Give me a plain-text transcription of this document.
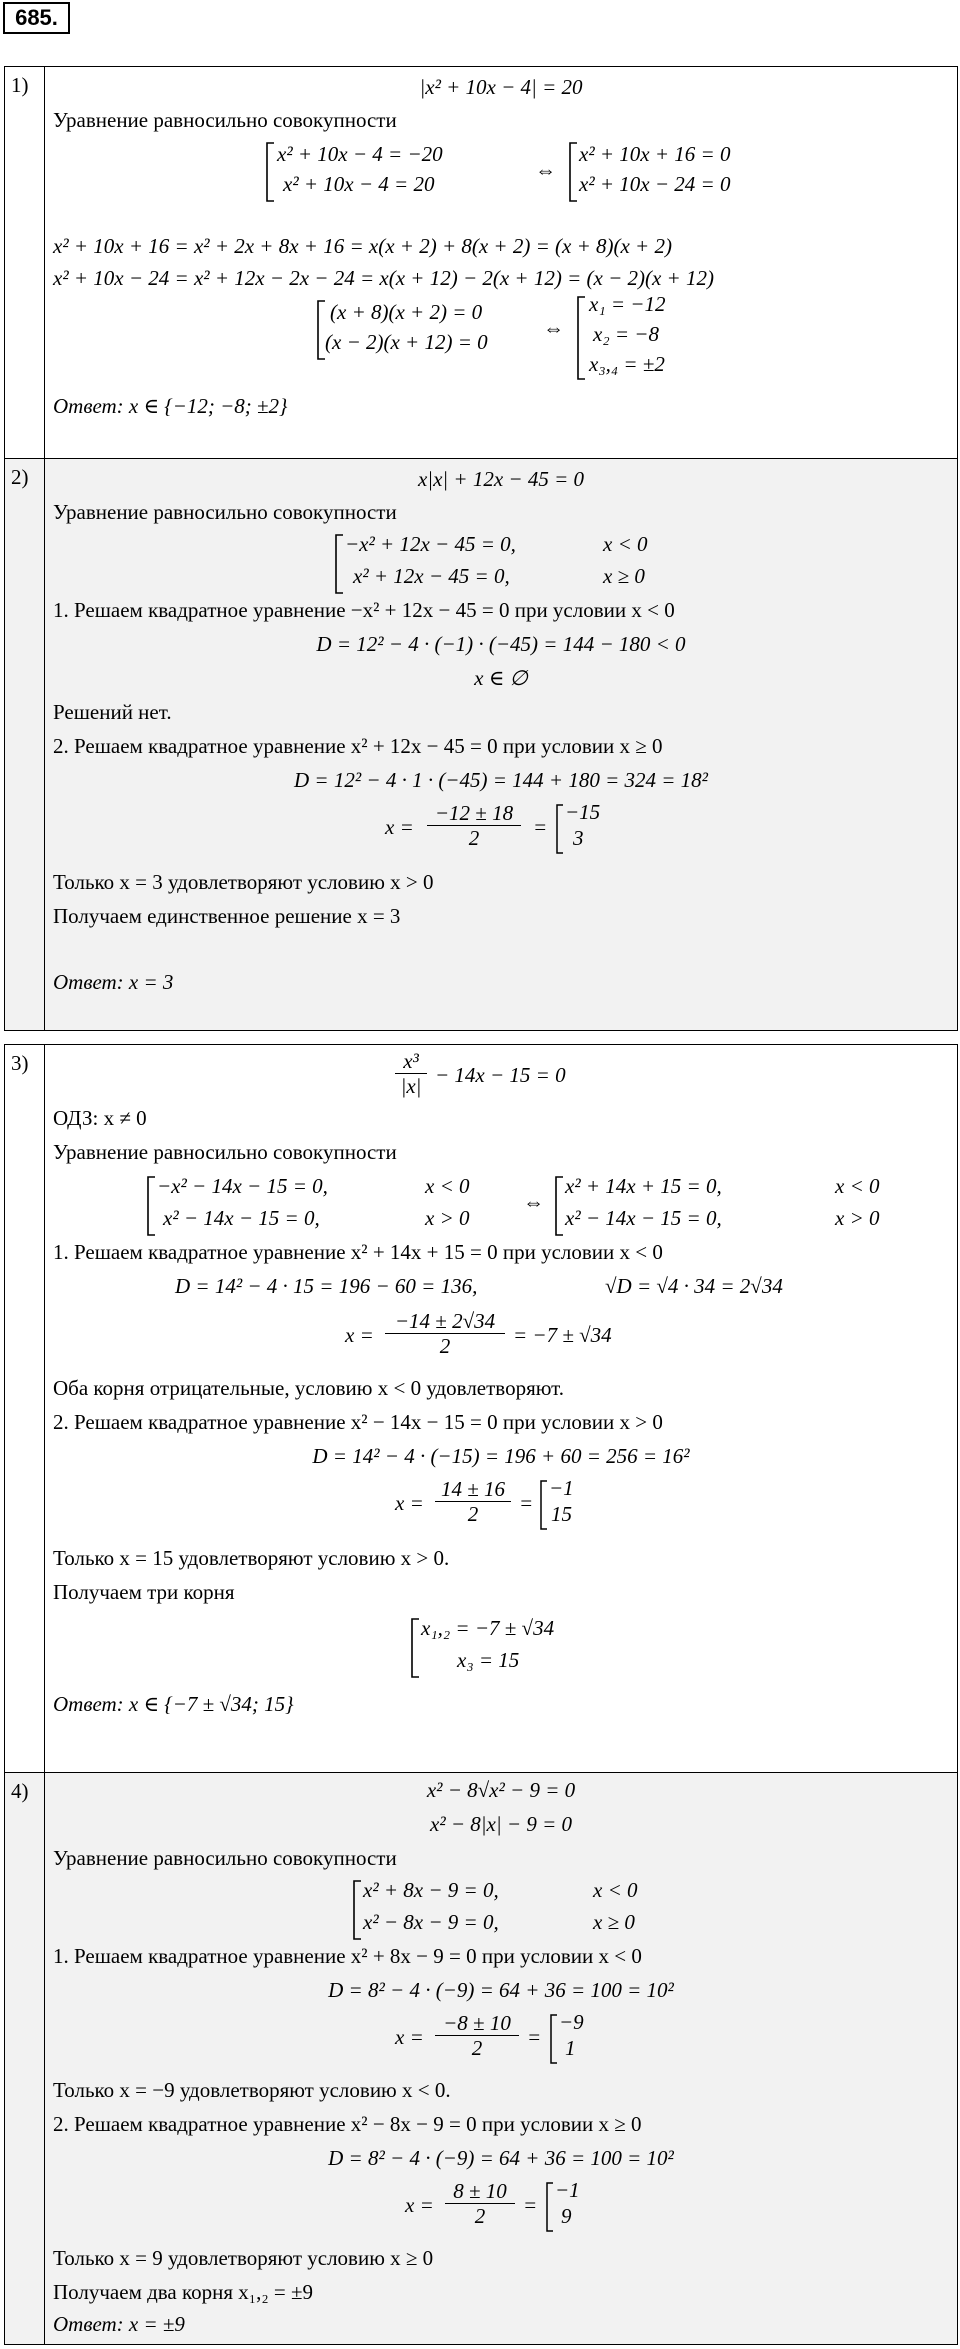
685.
1)	|x² + 10x − 4| = 20
Уравнение равносильно совокупности
x² + 10x − 4 = −20
x² + 10x − 4 = 20
⇔
x² + 10x + 16 = 0
x² + 10x − 24 = 0
x² + 10x + 16 = x² + 2x + 8x + 16 = x(x + 2) + 8(x + 2) = (x + 8)(x + 2)
x² + 10x − 24 = x² + 12x − 2x − 24 = x(x + 12) − 2(x + 12) = (x − 2)(x + 12)
(x + 8)(x + 2) = 0
(x − 2)(x + 12) = 0
⇔
x₁ = −12
x₂ = −8
x₃,₄ = ±2
Ответ: x ∈ {−12; −8; ±2}
2)	x|x| + 12x − 45 = 0
Уравнение равносильно совокупности
−x² + 12x − 45 = 0,	x < 0
x² + 12x − 45 = 0,	x ≥ 0
1. Решаем квадратное уравнение −x² + 12x − 45 = 0 при условии x < 0
D = 12² − 4 · (−1) · (−45) = 144 − 180 < 0
x ∈ ∅
Решений нет.
2. Решаем квадратное уравнение x² + 12x − 45 = 0 при условии x ≥ 0
D = 12² − 4 · 1 · (−45) = 144 + 180 = 324 = 18²
$x = \frac{-12 \pm 18}{2}$ =
−15
3
Только x = 3 удовлетворяют условию x > 0
Получаем единственное решение x = 3
Ответ: x = 3
3)	$\frac{\text{x³}}{|x|} - 14x - 15 = 0$
ОДЗ: x ≠ 0
Уравнение равносильно совокупности
−x² − 14x − 15 = 0,	x < 0
x² − 14x − 15 = 0,	x > 0
⇔
x² + 14x + 15 = 0,	x < 0
x² − 14x − 15 = 0,	x > 0
1. Решаем квадратное уравнение x² + 14x + 15 = 0 при условии x < 0
D = 14² − 4 · 15 = 196 − 60 = 136,	√D = √4 · 34 = 2√34
$x = \frac{-14 \pm 2√34}{2} = -7 \pm √34$
Оба корня отрицательные, условию x < 0 удовлетворяют.
2. Решаем квадратное уравнение x² − 14x − 15 = 0 при условии x > 0
D = 14² − 4 · (−15) = 196 + 60 = 256 = 16²
$x = \frac{14 \pm 16}{2}$ =
−1
15
Только x = 15 удовлетворяют условию x > 0.
Получаем три корня
x₁,₂ = −7 ± √34
x₃ = 15
Ответ: x ∈ {−7 ± √34; 15}
4)	x² − 8√x² − 9 = 0
x² − 8|x| − 9 = 0
Уравнение равносильно совокупности
x² + 8x − 9 = 0,	x < 0
x² − 8x − 9 = 0,	x ≥ 0
1. Решаем квадратное уравнение x² + 8x − 9 = 0 при условии x < 0
D = 8² − 4 · (−9) = 64 + 36 = 100 = 10²
$x = \frac{-8 \pm 10}{2}$ =
−9
1
Только x = −9 удовлетворяют условию x < 0.
2. Решаем квадратное уравнение x² − 8x − 9 = 0 при условии x ≥ 0
D = 8² − 4 · (−9) = 64 + 36 = 100 = 10²
$x = \frac{8 \pm 10}{2}$ =
−1
9
Только x = 9 удовлетворяют условию x ≥ 0
Получаем два корня x₁,₂ = ±9
Ответ: x = ±9
